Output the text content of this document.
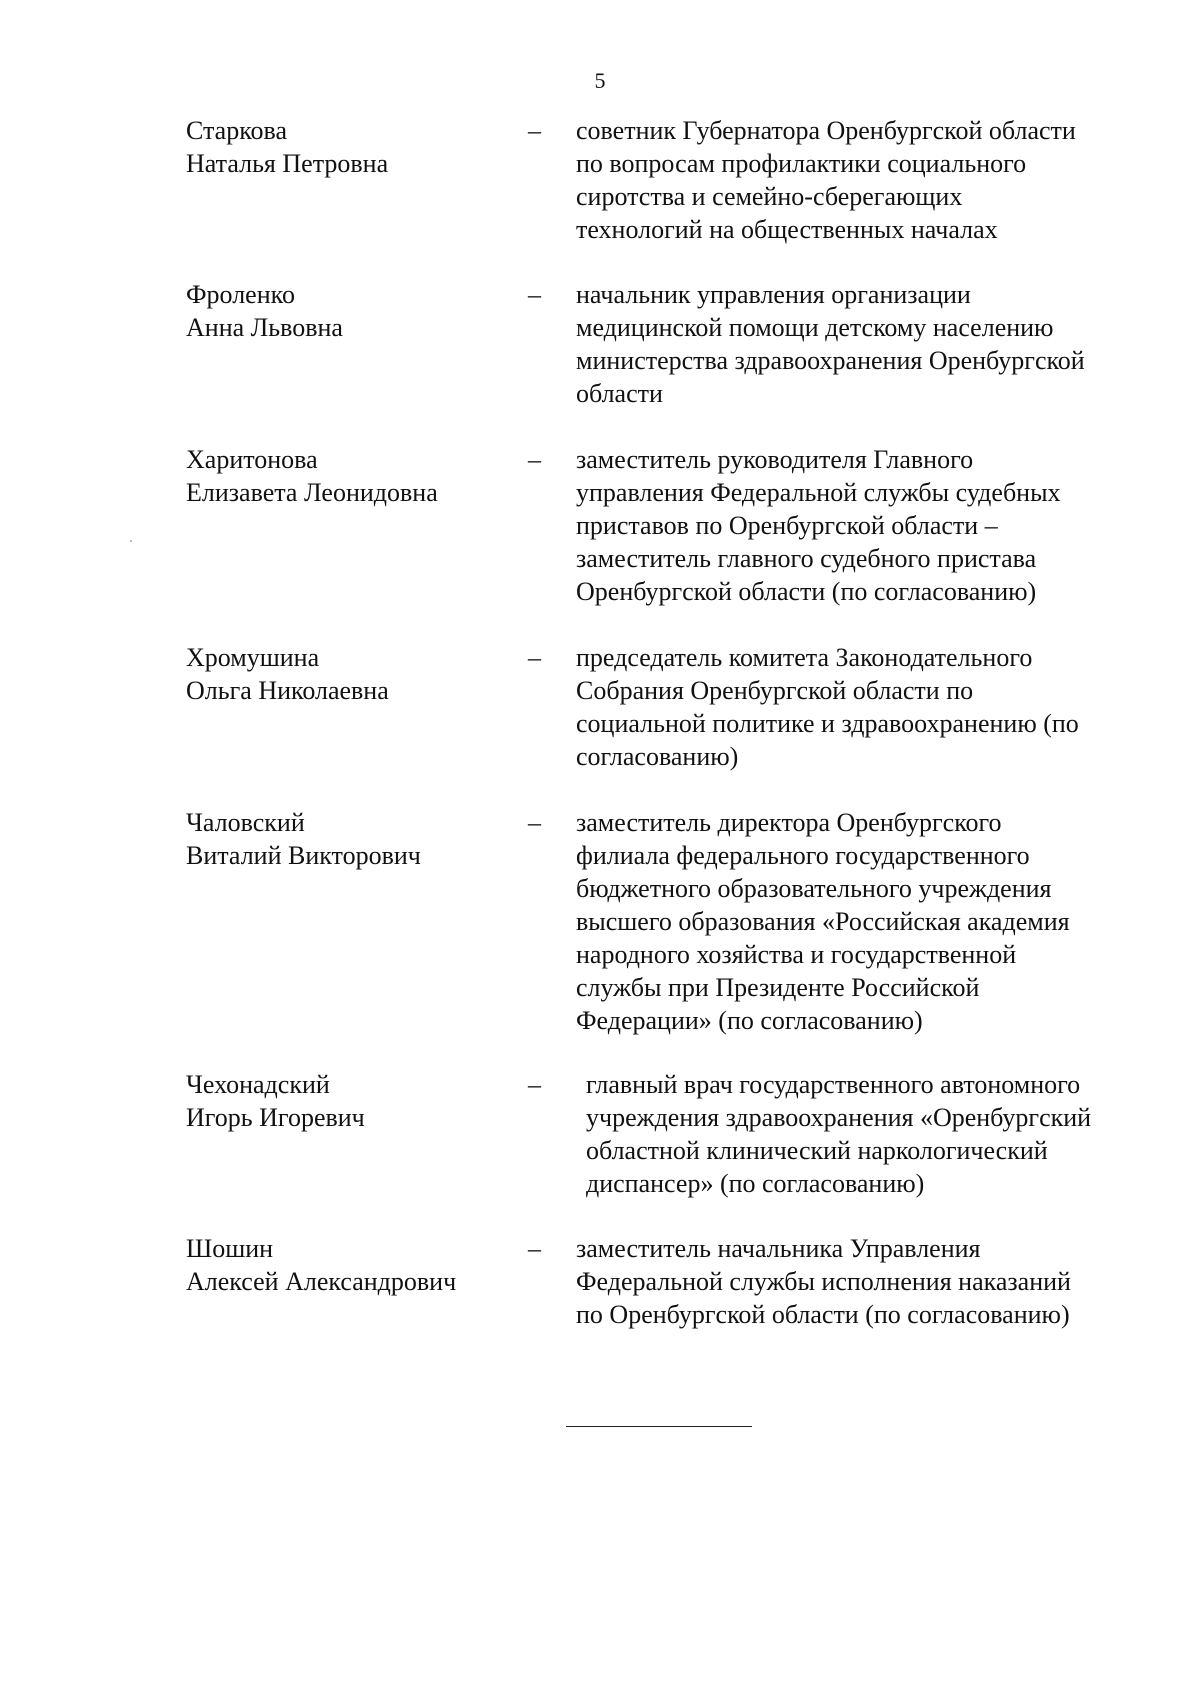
5
Старкова
Наталья Петровна
– советник Губернатора Оренбургской области
по вопросам профилактики социального
сиротства и семейно-сберегающих
технологий на общественных началах
Фроленко
Анна Львовна
– начальник управления организации
медицинской помощи детскому населению
министерства здравоохранения Оренбургской
области
Харитонова
Елизавета Леонидовна
– заместитель руководителя Главного
управления Федеральной службы судебных
приставов по Оренбургской области –
заместитель главного судебного пристава
Оренбургской области (по согласованию)
Хромушина
Ольга Николаевна
– председатель комитета Законодательного
Собрания Оренбургской области по
социальной политике и здравоохранению (по
согласованию)
Чаловский
Виталий Викторович
– заместитель директора Оренбургского
филиала федерального государственного
бюджетного образовательного учреждения
высшего образования «Российская академия
народного хозяйства и государственной
службы при Президенте Российской
Федерации» (по согласованию)
Чехонадский
Игорь Игоревич
– главный врач государственного автономного
учреждения здравоохранения «Оренбургский
областной клинический наркологический
диспансер» (по согласованию)
Шошин
Алексей Александрович
– заместитель начальника Управления
Федеральной службы исполнения наказаний
по Оренбургской области (по согласованию)
